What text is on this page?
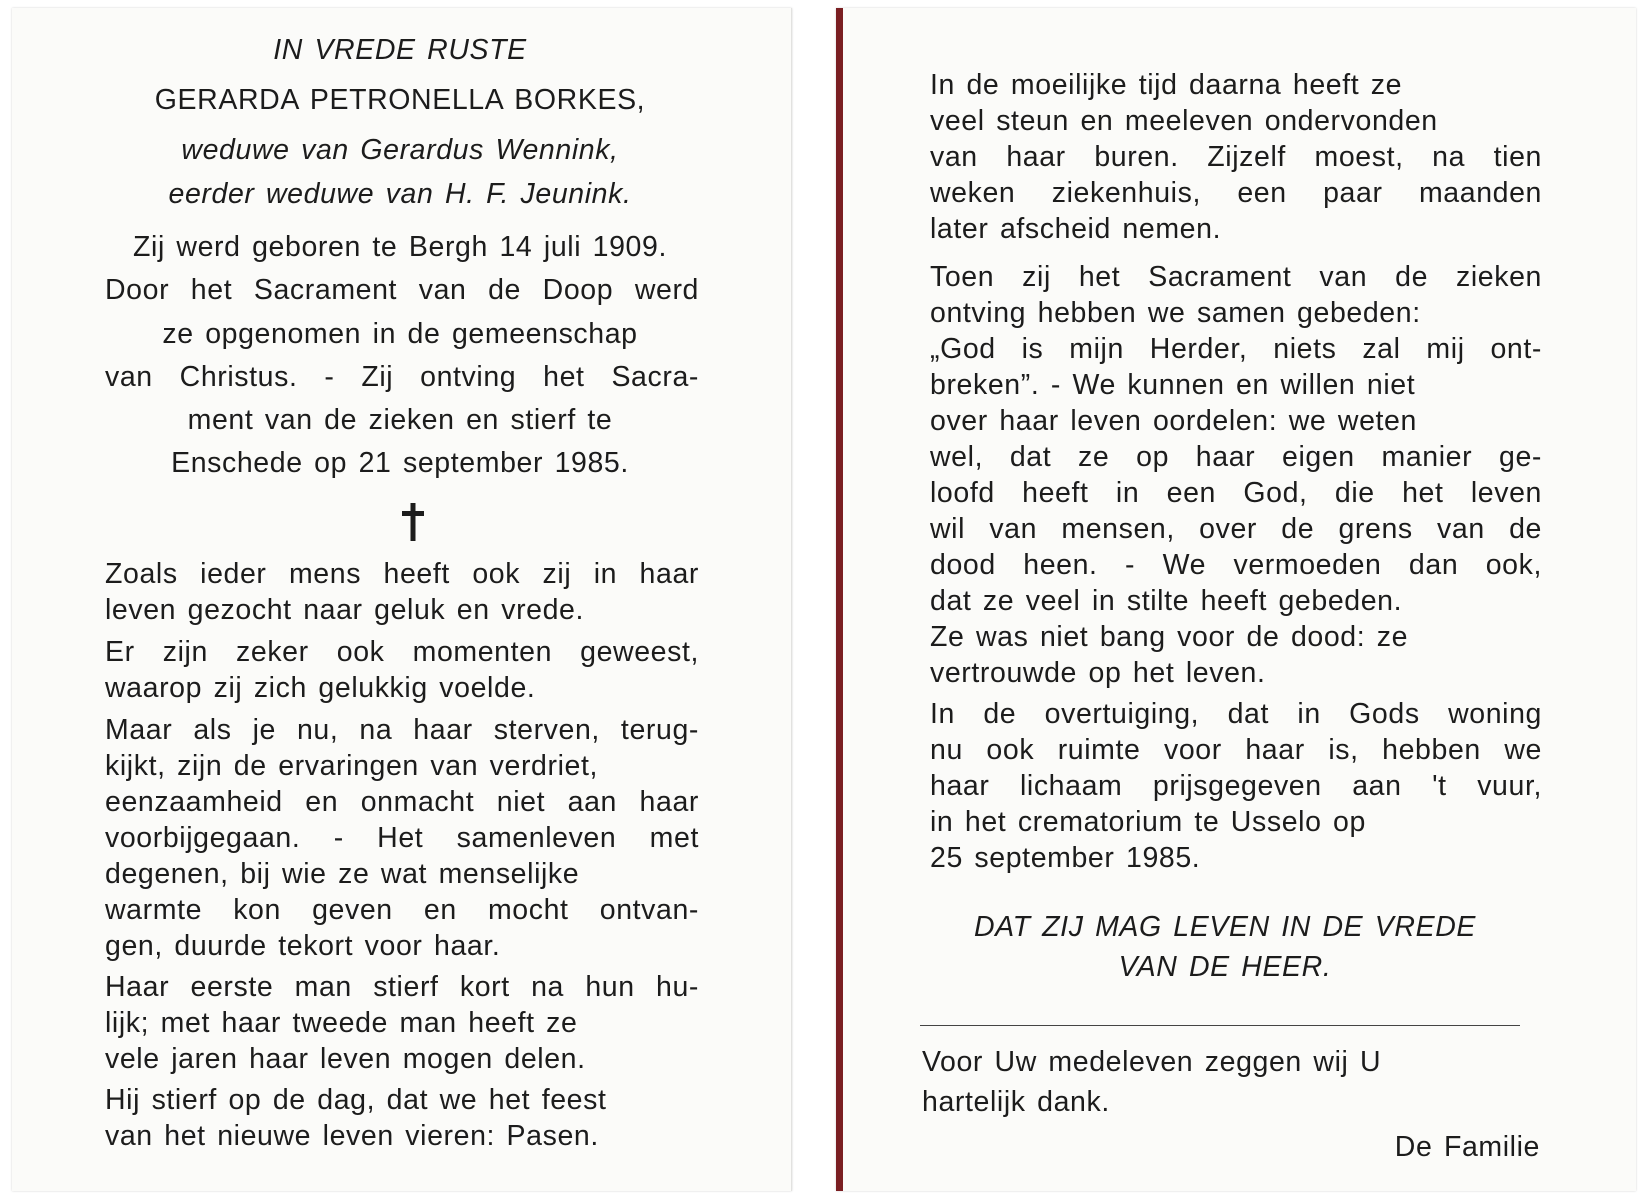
IN VREDE RUSTE
GERARDA PETRONELLA BORKES,
weduwe van Gerardus Wennink,
eerder weduwe van H. F. Jeunink.
Zij werd geboren te Bergh 14 juli 1909.
Door het Sacrament van de Doop werd
ze opgenomen in de gemeenschap
van Christus. - Zij ontving het Sacra-
ment van de zieken en stierf te
Enschede op 21 september 1985.
Zoals ieder mens heeft ook zij in haar
leven gezocht naar geluk en vrede.
Er zijn zeker ook momenten geweest,
waarop zij zich gelukkig voelde.
Maar als je nu, na haar sterven, terug-
kijkt, zijn de ervaringen van verdriet,
eenzaamheid en onmacht niet aan haar
voorbijgegaan. - Het samenleven met
degenen, bij wie ze wat menselijke
warmte kon geven en mocht ontvan-
gen, duurde tekort voor haar.
Haar eerste man stierf kort na hun hu-
lijk; met haar tweede man heeft ze
vele jaren haar leven mogen delen.
Hij stierf op de dag, dat we het feest
van het nieuwe leven vieren: Pasen.
In de moeilijke tijd daarna heeft ze
veel steun en meeleven ondervonden
van haar buren. Zijzelf moest, na tien
weken ziekenhuis, een paar maanden
later afscheid nemen.
Toen zij het Sacrament van de zieken
ontving hebben we samen gebeden:
„God is mijn Herder, niets zal mij ont-
breken”. - We kunnen en willen niet
over haar leven oordelen: we weten
wel, dat ze op haar eigen manier ge-
loofd heeft in een God, die het leven
wil van mensen, over de grens van de
dood heen. - We vermoeden dan ook,
dat ze veel in stilte heeft gebeden.
Ze was niet bang voor de dood: ze
vertrouwde op het leven.
In de overtuiging, dat in Gods woning
nu ook ruimte voor haar is, hebben we
haar lichaam prijsgegeven aan 't vuur,
in het crematorium te Usselo op
25 september 1985.
DAT ZIJ MAG LEVEN IN DE VREDE
VAN DE HEER.
Voor Uw medeleven zeggen wij U
hartelijk dank.
De Familie
